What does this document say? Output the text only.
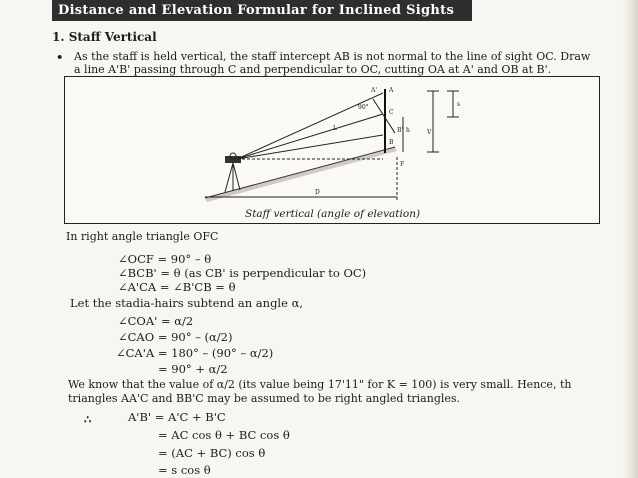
Distance and Elevation Formular for Inclined Sights
1. Staff Vertical
• As the staff is held vertical, the staff intercept AB is not normal to the line of sight OC. Draw
a line A'B' passing through C and perpendicular to OC, cutting OA at A' and OB at B'.
90°
A' A
C
B' h
B
V
F
L
D
s
Staff vertical (angle of elevation)
In right angle triangle OFC
∠OCF = 90° – θ
∠BCB' = θ (as CB' is perpendicular to OC)
∠A'CA = ∠B'CB = θ
Let the stadia-hairs subtend an angle α,
∠COA' = α/2
∠CAO = 90° – (α/2)
∠CA'A = 180° – (90° – α/2)
= 90° + α/2
We know that the value of α/2 (its value being 17'11" for K = 100) is very small. Hence, th
triangles AA'C and BB'C may be assumed to be right angled triangles.
∴	A'B' = A'C + B'C
= AC cos θ + BC cos θ
= (AC + BC) cos θ
= s cos θ
